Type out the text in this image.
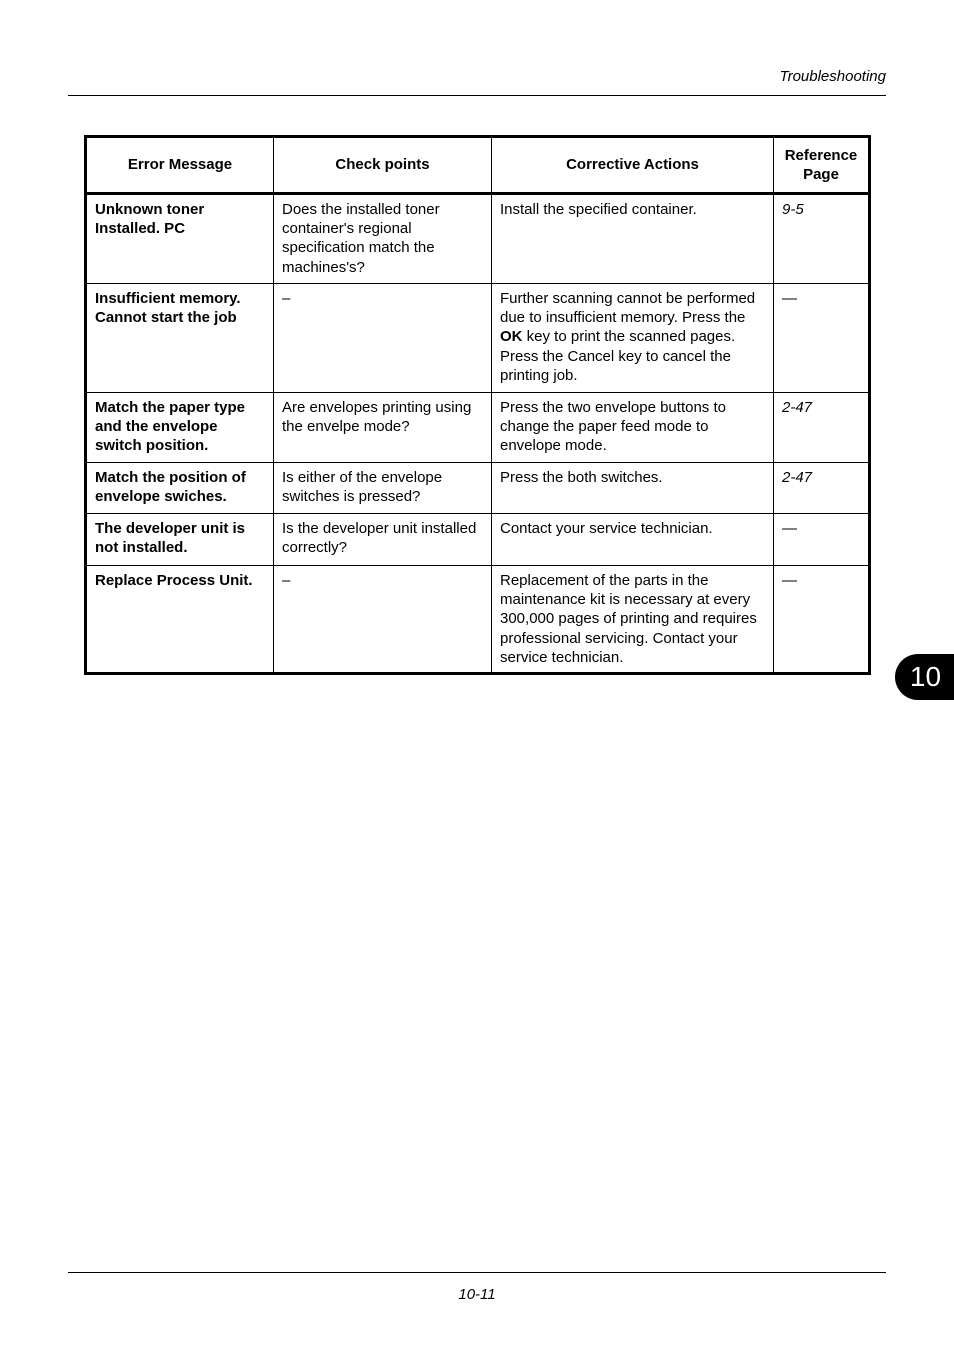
Troubleshooting
Error Message	Check points	Corrective Actions	Reference Page
Unknown toner Installed. PC	Does the installed toner container's regional specification match the machines's?	Install the specified container.	9-5
Insufficient memory. Cannot start the job	–	Further scanning cannot be performed due to insufficient memory. Press the OK key to print the scanned pages. Press the Cancel key to cancel the printing job.	—
Match the paper type and the envelope switch position.	Are envelopes printing using the envelpe mode?	Press the two envelope buttons to change the paper feed mode to envelope mode.	2-47
Match the position of envelope swiches.	Is either of the envelope switches is pressed?	Press the both switches.	2-47
The developer unit is not installed.	Is the developer unit installed correctly?	Contact your service technician.	—
Replace Process Unit.	–	Replacement of the parts in the maintenance kit is necessary at every 300,000 pages of printing and requires professional servicing. Contact your service technician.	—
10
10-11
